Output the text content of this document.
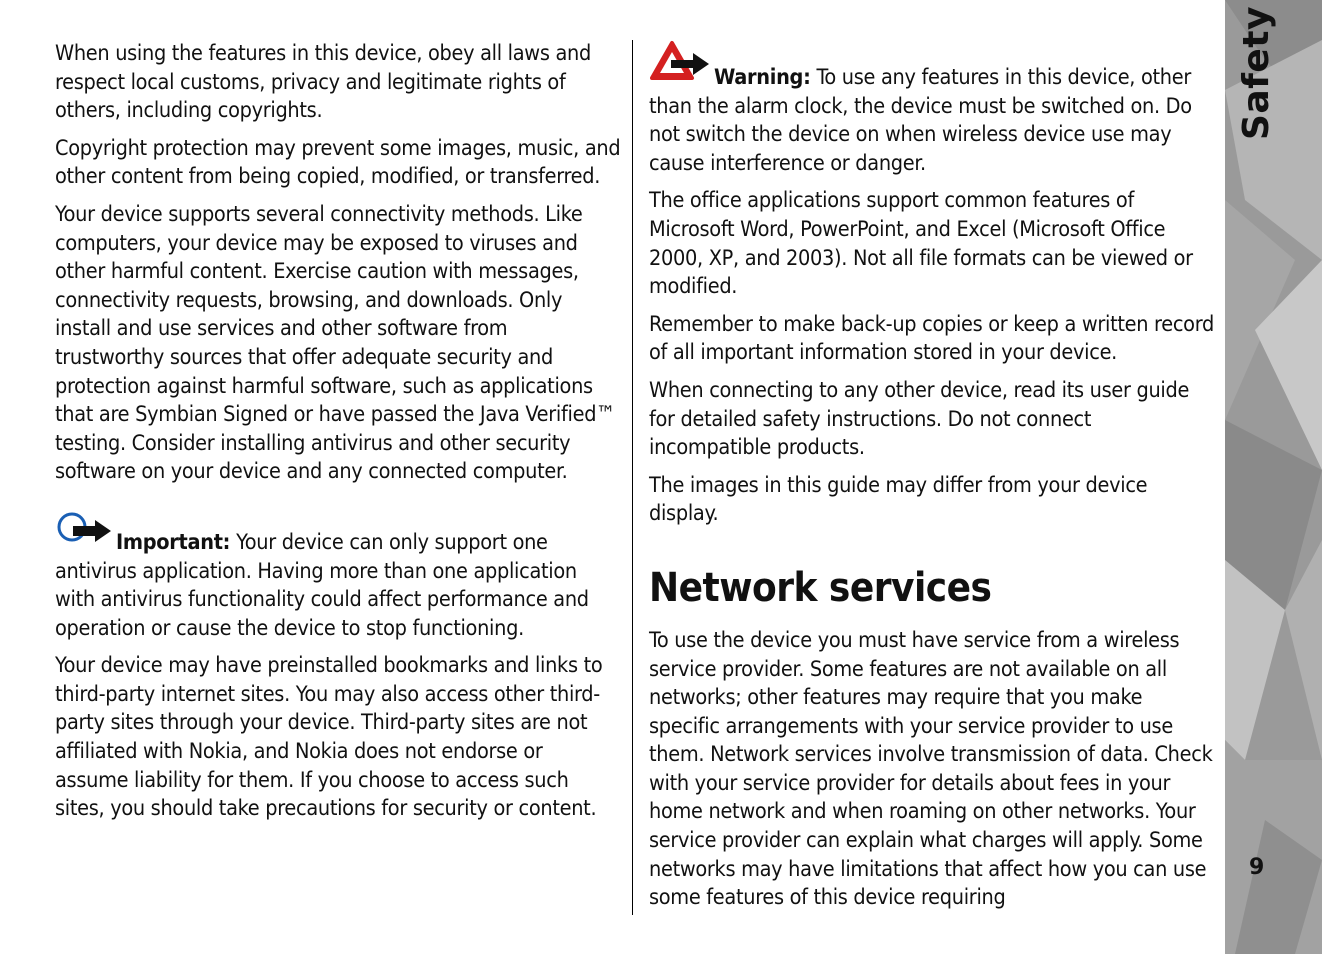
When using the features in this device, obey all laws and respect local customs, privacy and legitimate rights of others, including copyrights.

Copyright protection may prevent some images, music, and other content from being copied, modified, or transferred.

Your device supports several connectivity methods. Like computers, your device may be exposed to viruses and other harmful content. Exercise caution with messages, connectivity requests, browsing, and downloads. Only install and use services and other software from trustworthy sources that offer adequate security and protection against harmful software, such as applications that are Symbian Signed or have passed the Java Verified™ testing. Consider installing antivirus and other security software on your device and any connected computer.

Important: Your device can only support one antivirus application. Having more than one application with antivirus functionality could affect performance and operation or cause the device to stop functioning.

Your device may have preinstalled bookmarks and links to third-party internet sites. You may also access other third-party sites through your device. Third-party sites are not affiliated with Nokia, and Nokia does not endorse or assume liability for them. If you choose to access such sites, you should take precautions for security or content.

Warning: To use any features in this device, other than the alarm clock, the device must be switched on. Do not switch the device on when wireless device use may cause interference or danger.

The office applications support common features of Microsoft Word, PowerPoint, and Excel (Microsoft Office 2000, XP, and 2003). Not all file formats can be viewed or modified.

Remember to make back-up copies or keep a written record of all important information stored in your device.

When connecting to any other device, read its user guide for detailed safety instructions. Do not connect incompatible products.

The images in this guide may differ from your device display.

Network services

To use the device you must have service from a wireless service provider. Some features are not available on all networks; other features may require that you make specific arrangements with your service provider to use them. Network services involve transmission of data. Check with your service provider for details about fees in your home network and when roaming on other networks. Your service provider can explain what charges will apply. Some networks may have limitations that affect how you can use some features of this device requiring

Safety
9
